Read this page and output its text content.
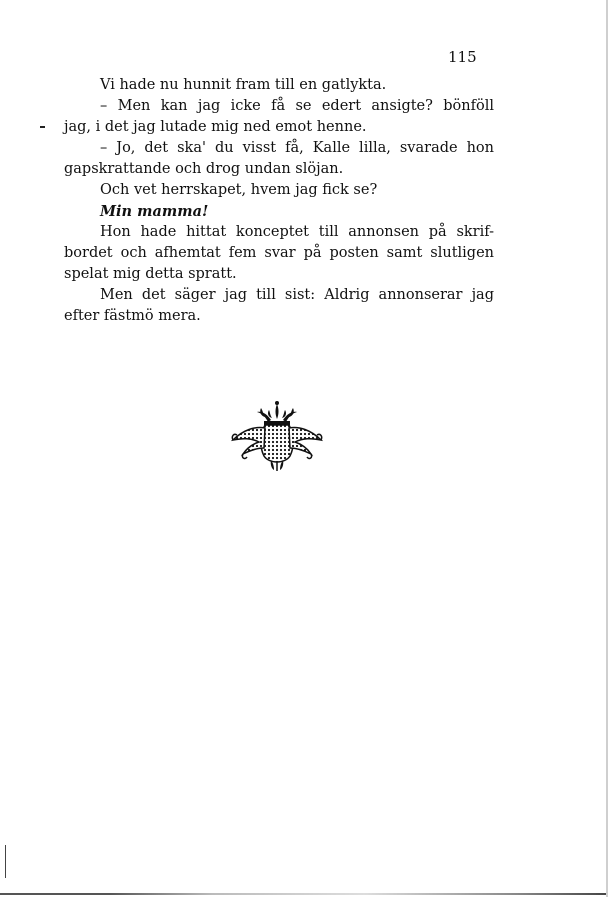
115
Vi hade nu hunnit fram till en gatlykta.
– Men kan jag icke få se edert ansigte? bönföll
jag, i det jag lutade mig ned emot henne.
– Jo, det ska' du visst få, Kalle lilla, svarade hon
gapskrattande och drog undan slöjan.
Och vet herrskapet, hvem jag fick se?
Min mamma!
Hon hade hittat konceptet till annonsen på skrif-
bordet och afhemtat fem svar på posten samt slutligen
spelat mig detta spratt.
Men det säger jag till sist: Aldrig annonserar jag
efter fästmö mera.
